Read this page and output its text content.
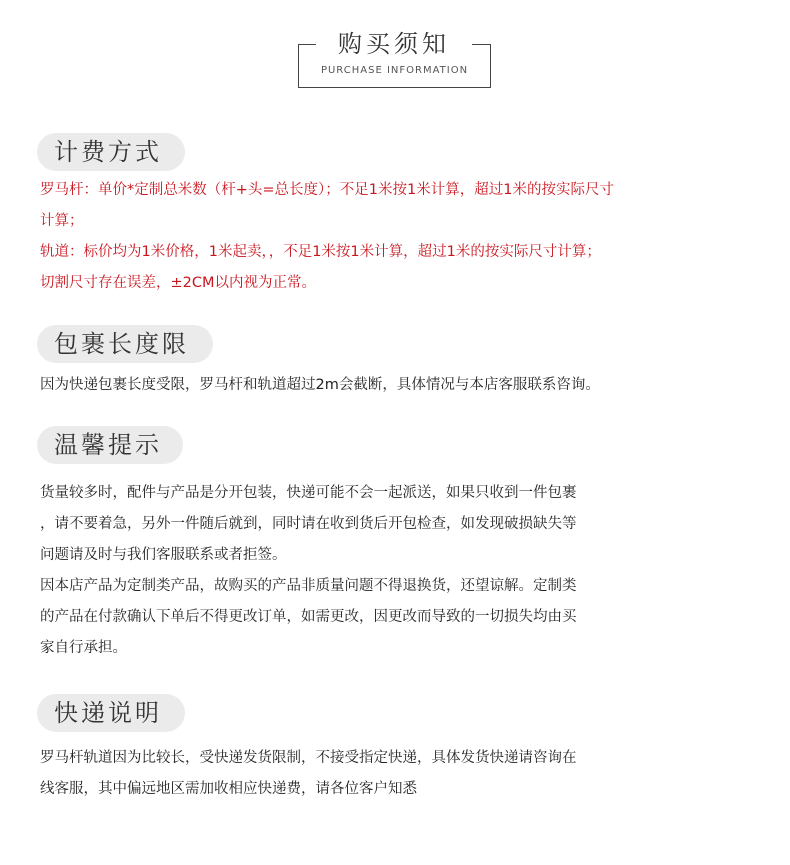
购买须知
PURCHASE INFORMATION
计费方式
罗马杆：单价*定制总米数（杆+头=总长度）；不足1米按1米计算，超过1米的按实际尺寸
计算；
轨道：标价均为1米价格，1米起卖，，不足1米按1米计算，超过1米的按实际尺寸计算；
切割尺寸存在误差，±2CM以内视为正常。
包裹长度限
因为快递包裹长度受限，罗马杆和轨道超过2m会截断，具体情况与本店客服联系咨询。
温馨提示
货量较多时，配件与产品是分开包装，快递可能不会一起派送，如果只收到一件包裹
，请不要着急，另外一件随后就到，同时请在收到货后开包检查，如发现破损缺失等
问题请及时与我们客服联系或者拒签。
因本店产品为定制类产品，故购买的产品非质量问题不得退换货，还望谅解。定制类
的产品在付款确认下单后不得更改订单，如需更改，因更改而导致的一切损失均由买
家自行承担。
快递说明
罗马杆轨道因为比较长，受快递发货限制，不接受指定快递，具体发货快递请咨询在
线客服，其中偏远地区需加收相应快递费，请各位客户知悉
